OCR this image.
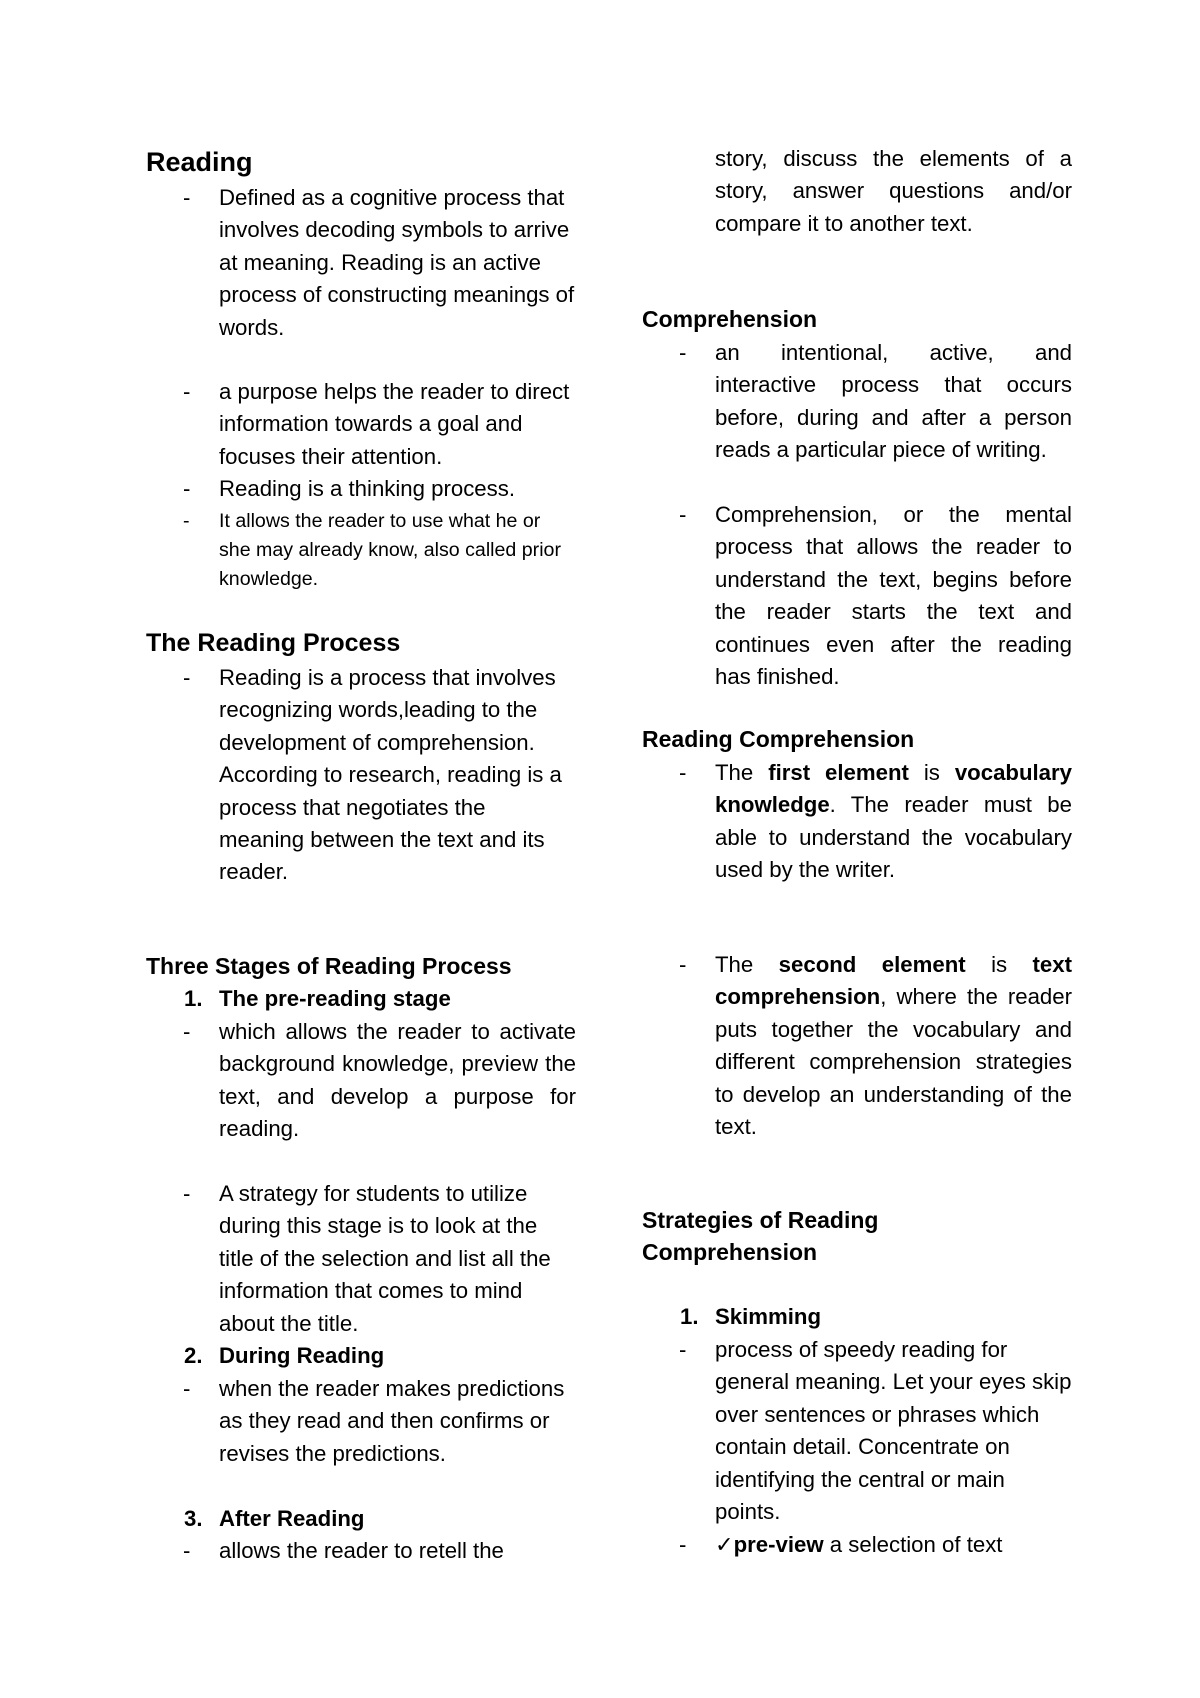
Reading
-	Defined as a cognitive process that involves decoding symbols to arrive at meaning. Reading is an active process of constructing meanings of words.
-	a purpose helps the reader to direct information towards a goal and focuses their attention.
-	Reading is a thinking process.
-	It allows the reader to use what he or she may already know, also called prior knowledge.
The Reading Process
-	Reading is a process that involves recognizing words,leading to the development of comprehension. According to research, reading is a process that negotiates the meaning between the text and its reader.
Three Stages of Reading Process
1. The pre-reading stage
-	which allows the reader to activate background knowledge, preview the text, and develop a purpose for reading.
-	A strategy for students to utilize during this stage is to look at the title of the selection and list all the information that comes to mind about the title.
2. During Reading
-	when the reader makes predictions as they read and then confirms or revises the predictions.
3. After Reading
-	allows the reader to retell the
story, discuss the elements of a story, answer questions and/or compare it to another text.
Comprehension
-	an intentional, active, and interactive process that occurs before, during and after a person reads a particular piece of writing.
-	Comprehension, or the mental process that allows the reader to understand the text, begins before the reader starts the text and continues even after the reading has finished.
Reading Comprehension
-	The first element is vocabulary knowledge. The reader must be able to understand the vocabulary used by the writer.
-	The second element is text comprehension, where the reader puts together the vocabulary and different comprehension strategies to develop an understanding of the text.
Strategies of Reading Comprehension
1. Skimming
-	process of speedy reading for general meaning. Let your eyes skip over sentences or phrases which contain detail. Concentrate on identifying the central or main points.
-	✓pre-view a selection of text
